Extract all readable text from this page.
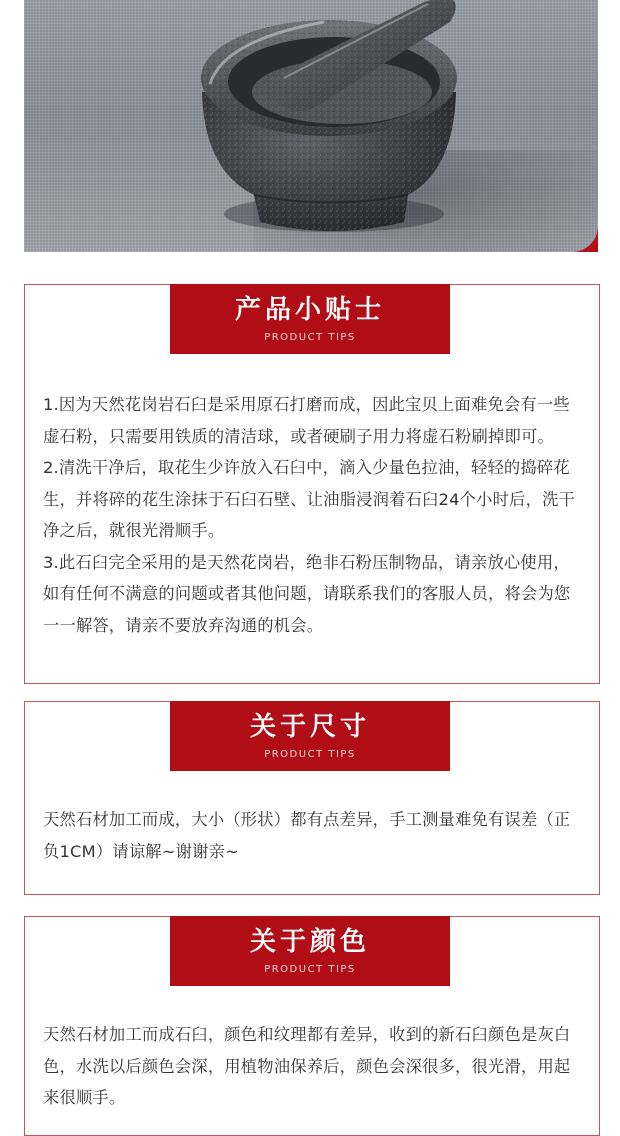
产品小贴士
PRODUCT TIPS

1.因为天然花岗岩石臼是采用原石打磨而成，因此宝贝上面难免会有一些虚石粉，只需要用铁质的清洁球，或者硬刷子用力将虚石粉刷掉即可。

2.清洗干净后，取花生少许放入石臼中，滴入少量色拉油，轻轻的捣碎花生，并将碎的花生涂抹于石臼石壁、让油脂浸润着石臼24个小时后，洗干净之后，就很光滑顺手。

3.此石臼完全采用的是天然花岗岩，绝非石粉压制物品，请亲放心使用，如有任何不满意的问题或者其他问题，请联系我们的客服人员，将会为您一一解答，请亲不要放弃沟通的机会。

关于尺寸
PRODUCT TIPS

天然石材加工而成，大小（形状）都有点差异，手工测量难免有误差（正负1CM）请谅解~谢谢亲~

关于颜色
PRODUCT TIPS

天然石材加工而成石臼，颜色和纹理都有差异，收到的新石臼颜色是灰白色，水洗以后颜色会深，用植物油保养后，颜色会深很多，很光滑，用起来很顺手。
